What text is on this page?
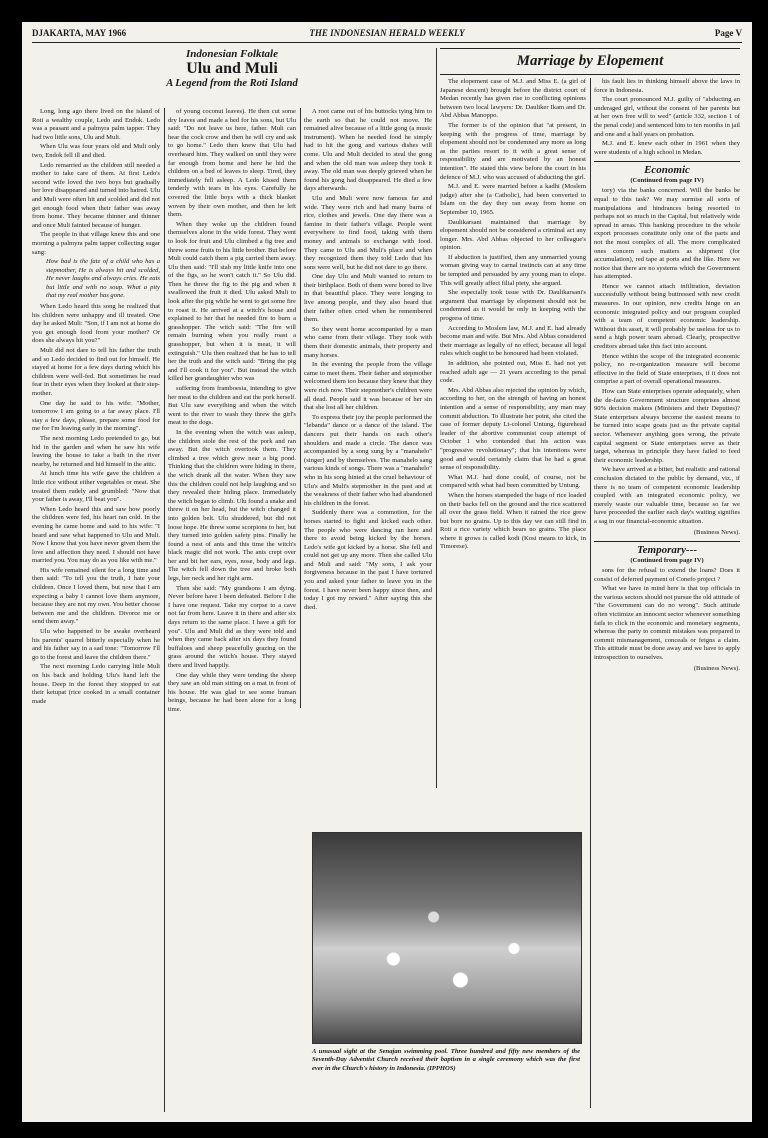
DJAKARTA, MAY 1966	THE INDONESIAN HERALD WEEKLY	Page V
Indonesian Folktale
Ulu and Muli
A Legend from the Roti Island

Long, long ago there lived on the island of Roti a wealthy couple, Ledo and Endok. Ledo was a peasant and a palmyra palm tapper. They had two little sons, Ulu and Muli.

When Ulu was four years old and Muli only two, Endok fell ill and died.

Ledo remarried as the children still needed a mother to take care of them. At first Ledo's second wife loved the two boys but gradually her love disappeared and turned into hatred. Ulu and Muli were often hit and scolded and did not get enough food when their father was away from home. They became thinner and thinner and once Muli fainted because of hunger.

The people in that village knew this and one morning a palmyra palm tapper collecting sugar sang:

How bad is the fate of a child who has a stepmother, He is always hit and scolded, He never laughs and always cries. He eats but little and with no soup. What a pity that my real mother has gone.

When Ledo heard this song he realized that his children were unhappy and ill treated. One day he asked Muli: "Son, if I am not at home do you get enough food from your mother? Or does she always hit you?"

Muli did not dare to tell his father the truth and so Ledo decided to find out for himself. He stayed at home for a few days during which his children were well-fed. But sometimes he read fear in their eyes when they looked at their step-mother.

One day he said to his wife: "Mother, tomorrow I am going to a far away place. I'll stay a few days, please, prepare some food for me for I'm leaving early in the morning".

The next morning Ledo pretended to go, but hid in the garden and when he saw his wife leaving the house to take a bath in the river nearby, he returned and hid himself in the attic.

At lunch time his wife gave the children a little rice without either vegetables or meat. She treated them rudely and grumbled: "Now that your father is away, I'll beat you".

When Ledo heard this and saw how poorly the children were fed, his heart ran cold. In the evening he came home and said to his wife: "I heard and saw what happened to Ulu and Muli. Now I know that you have never given them the love and affection they need. I should not have married you. You may do as you like with me."

His wife remained silent for a long time and then said: "To tell you the truth, I hate your children. Once I loved them, but now that I am expecting a baby I cannot love them anymore, because they are not my own. You better choose between me and the children. Divorce me or send them away."

Ulu who happened to be awake overheard his parents' quarrel bitterly especially when he and his father say in a sad tone: "Tomorrow I'll go to the forest and leave the children there."

The next morning Ledo carrying little Muli on his back and holding Ulu's hand left the house. Deep in the forest they stopped to eat their ketupat (rice cooked in a small container made

of young coconut leaves). He then cut some dry leaves and made a bed for his sons, but Ulu said: "Do not leave us here, father. Muli can hear the cock crow and then he will cry and ask to go home." Ledo then knew that Ulu had overheard him. They walked on until they were far enough from home and here he hid the children on a bed of leaves to sleep. Tired, they immediately fell asleep. A Ledo kissed them tenderly with tears in his eyes. Carefully he covered the little boys with a thick blanket woven by their own mother, and then he left them.

When they woke up the children found themselves alone in the wide forest. They went to look for fruit and Ulu climbed a fig tree and threw some fruits to his little brother. But before Muli could catch them a pig carried them away. Ulu then said: "I'll stab my little knife into one of the figs, so he won't catch it." So Ulu did. Then he threw the fig to the pig and when it swallowed the fruit it died. Ulu asked Muli to look after the pig while he went to get some fire to roast it. He arrived at a witch's house and explained to her that he needed fire to burn a grasshopper. The witch said: "The fire will remain burning when you really roast a grasshopper, but when it is meat, it will extinguish." Ulu then realized that he has to tell her the truth and the witch said: "Bring the pig and I'll cook it for you". But instead the witch killed her grandaughter who was

suffering from framboesia, intending to give her meat to the children and eat the pork herself. But Ulu saw everything and when the witch went to the river to wash they threw the girl's meat to the dogs.

In the evening when the witch was asleep, the children stole the rest of the pork and ran away. But the witch overtook them. They climbed a tree which grew near a big pond. Thinking that the children were hiding in there, the witch drank all the water. When they saw this the children could not help laughing and so they revealed their hiding place. Immediately the witch began to climb. Ulu found a snake and threw it on her head, but the witch changed it into golden belt. Ulu shuddered, but did not loose hope. He threw some scorpions to her, but they turned into golden safety pins. Finally he found a nest of ants and this time the witch's black magic did not work. The ants crept over her and bit her ears, eyes, nose, body and legs. The witch fell down the tree and broke both legs, her neck and her right arm.

Then she said: "My grandsons I am dying. Never before have I been defeated. Before I die I have one request. Take my corpse to a cave not far from here. Leave it in there and after six days return to the same place. I have a gift for you". Ulu and Muli did as they were told and when they came back after six days they found buffaloes and sheep peacefully grazing on the grass around the witch's house. They stayed there and lived happily.

One day while they were tending the sheep they saw an old man sitting on a mat in front of his house. He was glad to see some human beings, because he had been alone for a long time.

A root came out of his buttocks tying him to the earth so that he could not move. He remained alive because of a little gong (a music instrument). When he needed food he simply had to hit the gong and various dishes will come. Ulu and Muli decided to steal the gong and when the old man was asleep they took it away. The old man was deeply grieved when he found his gong had disappeared. He died a few days afterwards.

Ulu and Muli were now famous far and wide. They were rich and had many barns of rice, clothes and jewels. One day there was a famine in their father's village. People went everywhere to find food, taking with them money and animals to exchange with food. They came to Ulu and Muli's place and when they recognized them they told Ledo that his sons were well, but he did not dare to go there.

One day Ulu and Muli wanted to return to their birthplace. Both of them were bored to live in that beautiful place. They were longing to live among people, and they also heard that their father often cried when he remembered them.

So they went home accompanied by a man who came from their village. They took with them their domestic animals, their property and many horses.

In the evening the people from the village came to meet them. Their father and stepmother welcomed them too because they knew that they were rich now. Their stepmother's children were all dead. People said it was because of her sin that she lost all her children.

To express their joy the people performed the "lebanda" dance or a dance of the island. The dancers put their hands on each other's shoulders and made a circle. The dance was accompanied by a song sung by a "manahelo" (singer) and by themselves. The manahelo sang various kinds of songs. There was a "manahelo" who in his song hinted at the cruel behaviour of Ulu's and Muli's stepmother in the past and at the weakness of their father who had abandoned his children in the forest.

Suddenly there was a commotion, for the horses started to fight and kicked each other. The people who were dancing ran here and there to avoid being kicked by the horses. Ledo's wife got kicked by a horse. She fell and could not get up any more. Then she called Ulu and Muli and said: "My sons, I ask your forgiveness because in the past I have tortured you and asked your father to leave you in the forest. I have never been happy since then, and today I got my reward." After saying this she died.

A unusual sight at the Senajan swimming pool. Three hundred and fifty new members of the Seventh-Day Adventist Church received their baptism in a single ceremony which was the first ever in the Church's history in Indonesia. (IPPHOS)
Marriage by Elopement

The elopement case of M.J. and Miss E. (a girl of Japanese descent) brought before the district court of Medan recently has given rise to conflicting opinions between two local lawyers: Dr. Dauliker Ikam and Dr. Abd Abbas Manoppo.

The former is of the opinion that "at present, in keeping with the progress of time, marriage by elopement should not be condemned any more as long as the parties resort to it with a great sense of responsibility and are motivated by an honest intention". He stated this view before the court in his defence of M.J. who was accused of abducting the girl.

M.J. and E. were married before a kadhi (Moslem judge) after she (a Catholic), had been converted to Islam on the day they ran away from home on September 10, 1965.

Daulikarsani maintained that marriage by elopement should not be considered a criminal act any longer. Mrs. Abd Abbas objected to her colleague's opinion.

If abduction is justified, then any unmarried young woman giving way to carnal instincts can at any time be tempted and persuaded by any young man to elope. This will greatly affect filial piety, she argued.

She especially took issue with Dr. Daulikarsani's argument that marriage by elopement should not be condemned as it would be only in keeping with the progress of time.

According to Moslem law, M.J. and E. had already become man and wife. But Mrs. Abd Abbas considered their marriage as legally of no effect, because all legal rules which ought to be honoured had been violated.

In addition, she pointed out, Miss E. had not yet reached adult age — 21 years according to the penal code.

Mrs. Abd Abbas also rejected the opinion by which, according to her, on the strength of having an honest intention and a sense of responsibility, any man may commit abduction. To illustrate her point, she cited the case of former deputy Lt-colonel Untung, figurehead leader of the abortive communist coup attempt of October 1 who contended that his action was "progressive revolutionary"; that his intentions were good and would certainly claim that he had a great sense of responsibility.

What M.J. had done could, of course, not be compared with what had been committed by Untung.

When the horses stampeded the bags of rice loaded on their backs fell on the ground and the rice scattered all over the grass field. When it rained the rice grew but bore no grains. Up to this day we can still find in Roti a rice variety which bears no grains. The place where it grows is called kodi (Kosi means to kick, in Timorese).

his fault lies in thinking himself above the laws in force in Indonesia.

The court pronounced M.J. guilty of "abducting an underaged girl, without the consent of her parents but at her own free will to wed" (article 332, section 1 of the penal code) and sentenced him to ten months in jail and one and a half years on probation.

M.J. and E. knew each other in 1961 when they were students of a high school in Medan.

Economic
(Continued from page IV)

tory) via the banks concerned. Will the banks be equal to this task? We may surmise all sorts of manipulations and hindrances being resorted to perhaps not so much in the Capital, but relatively wide spread in areas. This banking procedure in the whole export processes constitute only one of the parts and not the most complex of all. The more complicated ones concern such matters as shipment (for accumulation), red tape at ports and the like. Here we notice that there are no systems which the Government has attempted.

Hence we cannot attach infiltration, deviation successfully without being buttressed with new credit measures. In our opinion, new credits hinge on an economic integrated policy and our program coupled with a team of competent economic leadership. Without this asset, it will probably be useless for us to send a high power team abroad. Clearly, prospective creditors abroad take this fact into account.

Hence within the scope of the integrated economic policy, no re-organization measure will become effective in the field of State enterprises, if it does not comprise a part of overall operational measures.

How can State enterprises operate adequately, when the de-facto Government structure comprises almost 90% decision makers (Ministers and their Deputies)? State enterprises always become the easiest means to be turned into scape goats just as the private capital sector. Whenever anything goes wrong, the private capital segment or State enterprises serve as their target, whereas in principle they have failed to feed their economic leadership.

We have arrived at a bitter, but realistic and rational conclusion dictated to the public by demand, viz., if there is no team of competent economic leadership coupled with an integrated economic policy, we merely waste our valuable time, because so far we have proceeded the earlier each day's waiting signifies a sag in our financial-economic situation.

(Business News).
Temporary---
(Continued from page IV)

sons for the refusal to extend the loans? Does it consist of deferred payment of Conefo project ?

What we have in mind here is that top officials in the various sectors should not pursue the old attitude of "the Government can do no wrong". Such attitude often victimize an innocent sector whenever something fails to click in the economic and monetary segments, whereas the party to commit mistakes was prepared to commit mismanagement, conceals or feigns a claim. This attitude must be done away and we have to apply introspection to ourselves.

(Business News).
